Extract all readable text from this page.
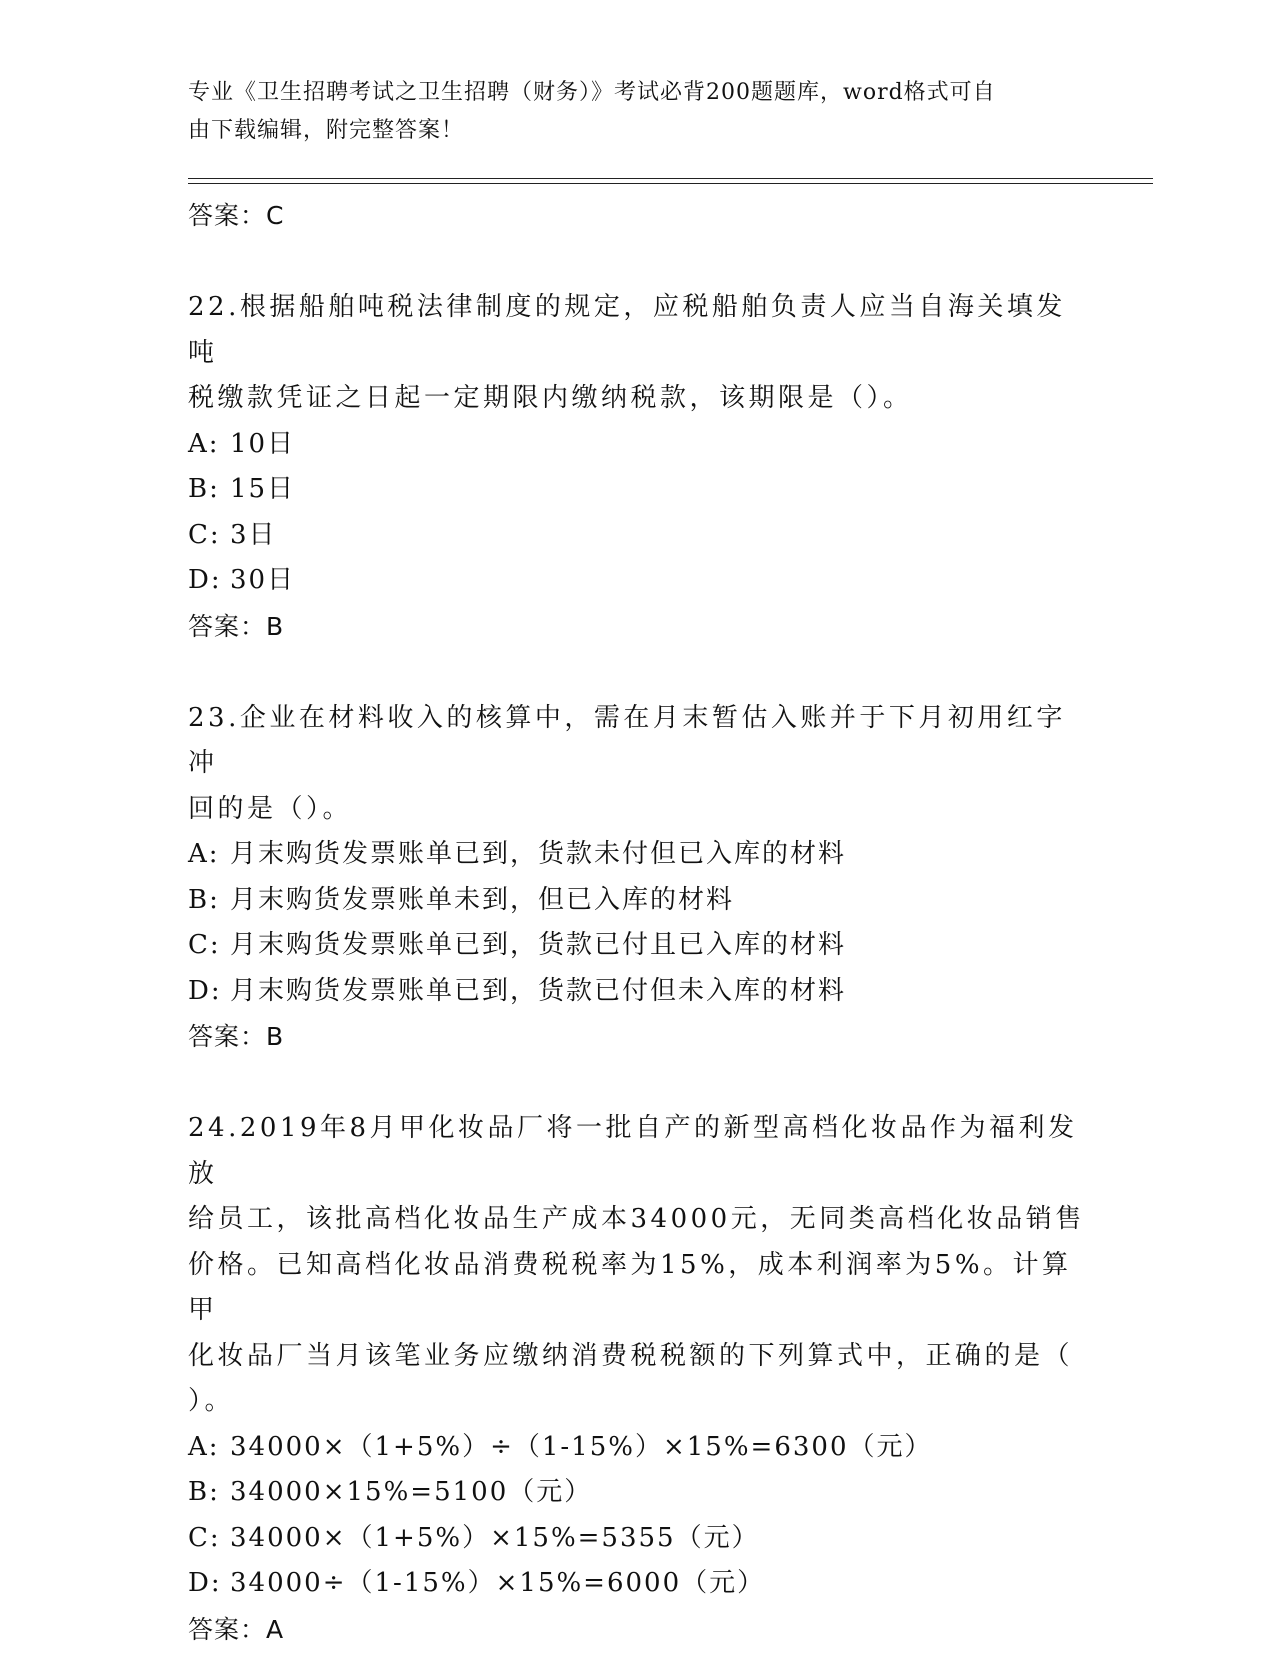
专业《卫生招聘考试之卫生招聘（财务）》考试必背200题题库，word格式可自
由下载编辑，附完整答案！
答案：C
22.根据船舶吨税法律制度的规定，应税船舶负责人应当自海关填发吨
税缴款凭证之日起一定期限内缴纳税款，该期限是（）。
A: 10日
B: 15日
C: 3日
D: 30日
答案：B
23.企业在材料收入的核算中，需在月末暂估入账并于下月初用红字冲
回的是（）。
A: 月末购货发票账单已到，货款未付但已入库的材料
B: 月末购货发票账单未到，但已入库的材料
C: 月末购货发票账单已到，货款已付且已入库的材料
D: 月末购货发票账单已到，货款已付但未入库的材料
答案：B
24.2019年8月甲化妆品厂将一批自产的新型高档化妆品作为福利发放
给员工，该批高档化妆品生产成本34000元，无同类高档化妆品销售
价格。已知高档化妆品消费税税率为15%，成本利润率为5%。计算甲
化妆品厂当月该笔业务应缴纳消费税税额的下列算式中，正确的是（
）。
A: 34000×（1+5%）÷（1-15%）×15%=6300（元）
B: 34000×15%=5100（元）
C: 34000×（1+5%）×15%=5355（元）
D: 34000÷（1-15%）×15%=6000（元）
答案：A
